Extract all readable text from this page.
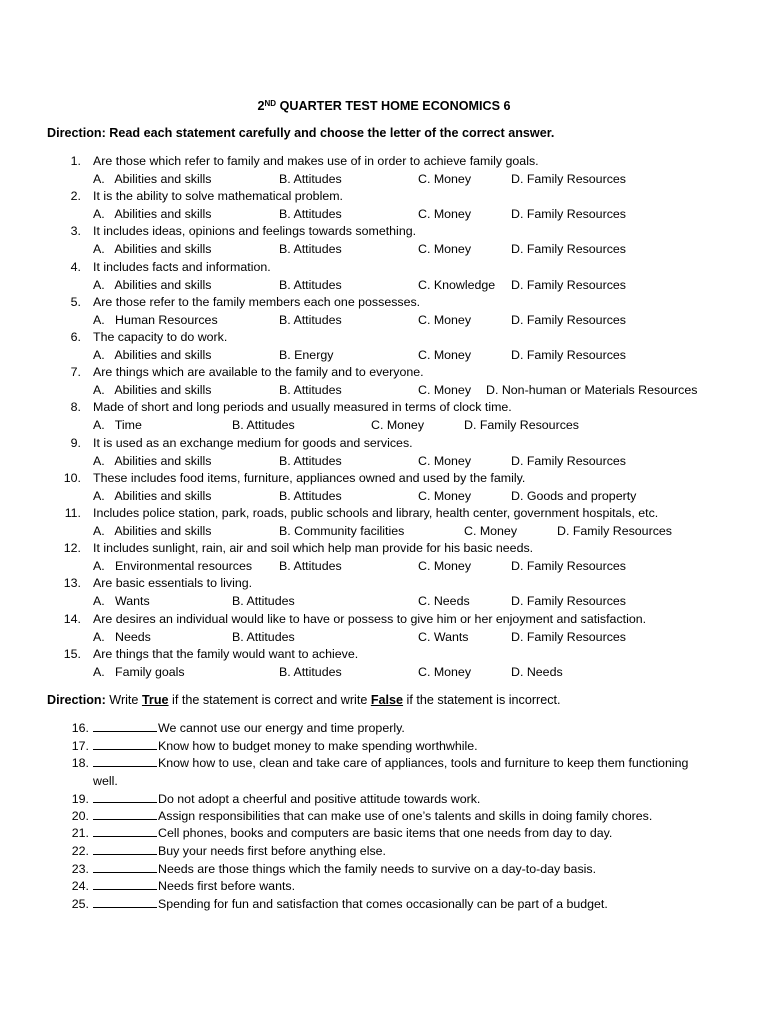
2ND QUARTER TEST HOME ECONOMICS 6
Direction: Read each statement carefully and choose the letter of the correct answer.
1. Are those which refer to family and makes use of in order to achieve family goals.
A.   Abilities and skills	B. Attitudes	C. Money	D. Family Resources
2. It is the ability to solve mathematical problem.
A.   Abilities and skills	B. Attitudes	C. Money	D. Family Resources
3. It includes ideas, opinions and feelings towards something.
A.   Abilities and skills	B. Attitudes	C. Money	D. Family Resources
4. It includes facts and information.
A.   Abilities and skills	B. Attitudes	C. Knowledge D. Family Resources
5. Are those refer to the family members each one possesses.
A.   Human Resources	B. Attitudes	C. Money	D. Family Resources
6. The capacity to do work.
A.   Abilities and skills	B. Energy	C. Money	D. Family Resources
7. Are things which are available to the family and to everyone.
A.   Abilities and skills	B. Attitudes	C. Money D. Non-human or Materials Resources
8. Made of short and long periods and usually measured in terms of clock time.
A.   Time	B. Attitudes	C. Money	D. Family Resources
9. It is used as an exchange medium for goods and services.
A.   Abilities and skills	B. Attitudes	C. Money	D. Family Resources
10. These includes food items, furniture, appliances owned and used by the family.
A.   Abilities and skills	B. Attitudes	C. Money	D. Goods and property
11. Includes police station, park, roads, public schools and library, health center, government hospitals, etc.
A.   Abilities and skills	B. Community facilities	C. Money	D. Family Resources
12. It includes sunlight, rain, air and soil which help man provide for his basic needs.
A.   Environmental resources B. Attitudes	C. Money	D. Family Resources
13. Are basic essentials to living.
A.   Wants	B. Attitudes	C. Needs	D. Family Resources
14. Are desires an individual would like to have or possess to give him or her enjoyment and satisfaction.
A.   Needs	B. Attitudes	C. Wants	D. Family Resources
15. Are things that the family would want to achieve.
A.   Family goals	B. Attitudes	C. Money	D. Needs
Direction: Write True if the statement is correct and write False if the statement is incorrect.
16.	We cannot use our energy and time properly.
17.	Know how to budget money to make spending worthwhile.
18.	Know how to use, clean and take care of appliances, tools and furniture to keep them functioning
well.
19.	Do not adopt a cheerful and positive attitude towards work.
20.	Assign responsibilities that can make use of one’s talents and skills in doing family chores.
21.	Cell phones, books and computers are basic items that one needs from day to day.
22.	Buy your needs first before anything else.
23.	Needs are those things which the family needs to survive on a day-to-day basis.
24.	Needs first before wants.
25.	Spending for fun and satisfaction that comes occasionally can be part of a budget.
